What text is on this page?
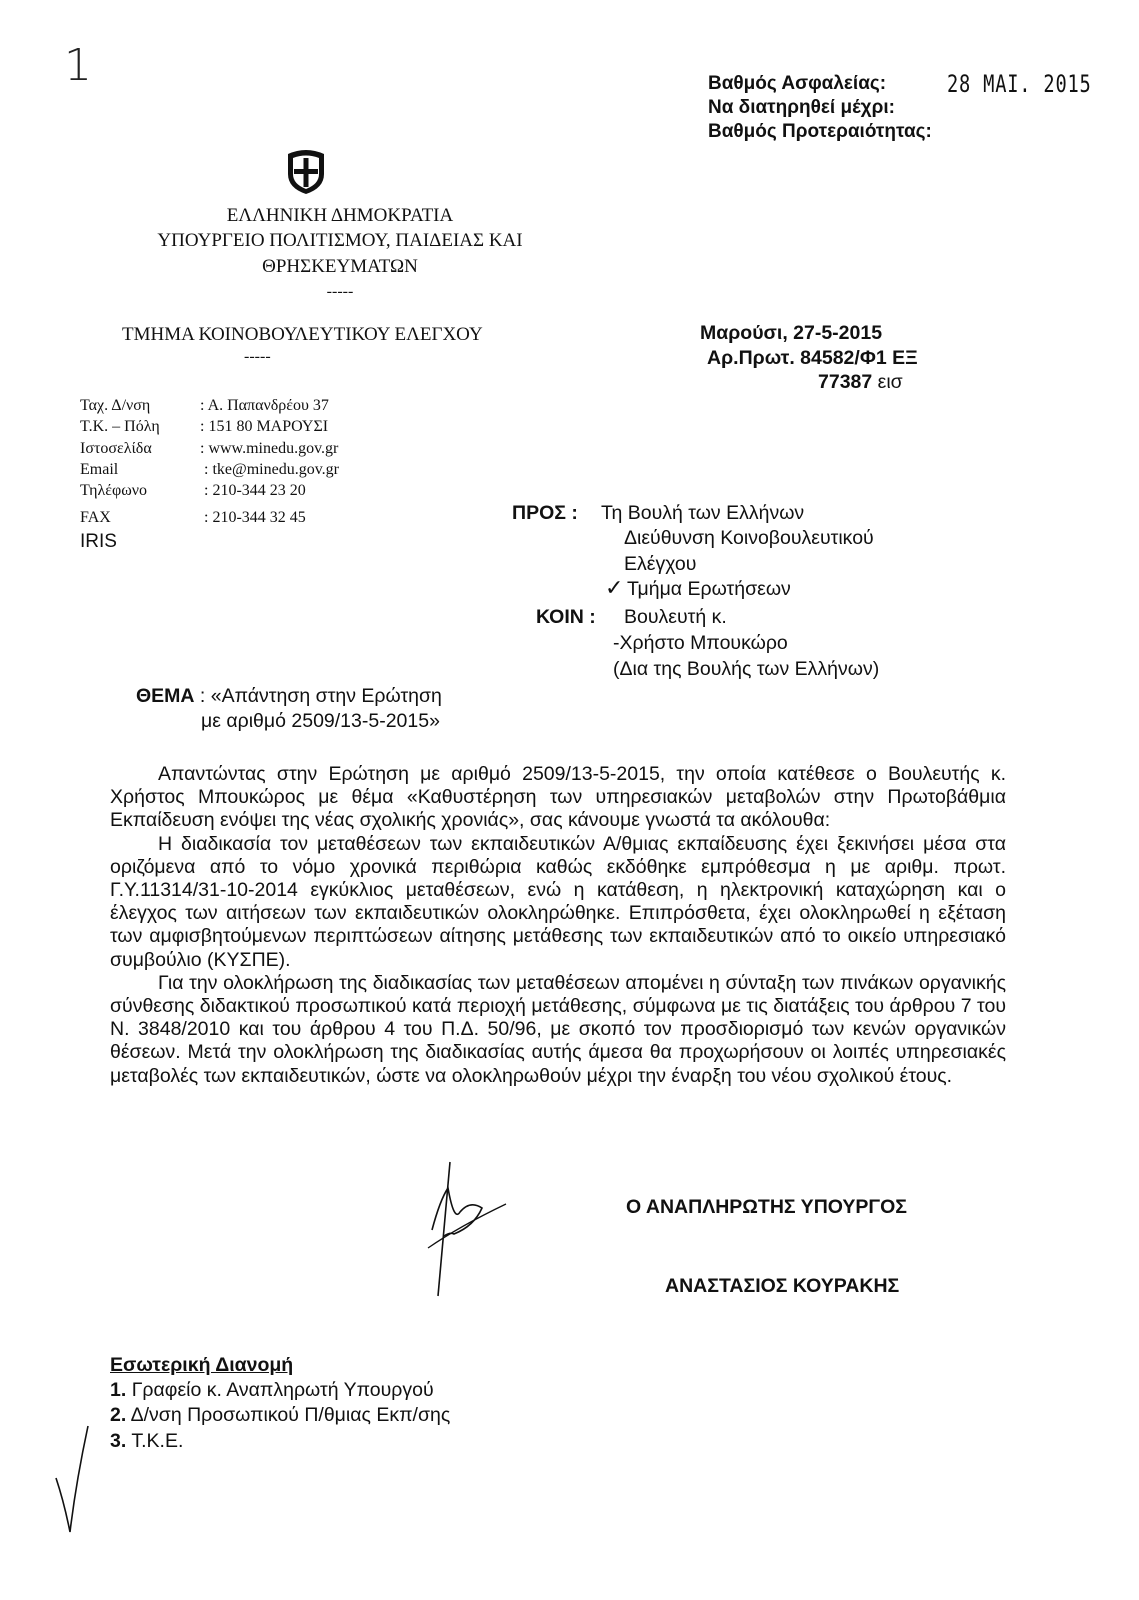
1	Βαθμός Ασφαλείας:
Να διατηρηθεί μέχρι:
Βαθμός Προτεραιότητας:
28 MAI. 2015
ΕΛΛΗΝΙΚΗ ΔΗΜΟΚΡΑΤΙΑ
ΥΠΟΥΡΓΕΙΟ ΠΟΛΙΤΙΣΜΟΥ, ΠΑΙΔΕΙΑΣ ΚΑΙ
ΘΡΗΣΚΕΥΜΑΤΩΝ
-----
ΤΜΗΜΑ ΚΟΙΝΟΒΟΥΛΕΥΤΙΚΟΥ ΕΛΕΓΧΟΥ
-----
Ταχ. Δ/νση	: Α. Παπανδρέου 37
Τ.Κ. – Πόλη	: 151 80 ΜΑΡΟΥΣΙ
Ιστοσελίδα	: www.minedu.gov.gr
Email	: tke@minedu.gov.gr
Τηλέφωνο	: 210-344 23 20
FAX	: 210-344 32 45
IRIS
Μαρούσι, 27-5-2015
Αρ.Πρωτ. 84582/Φ1 ΕΞ
77387 εισ
ΠΡΟΣ : Τη Βουλή των Ελλήνων
Διεύθυνση Κοινοβουλευτικού
Ελέγχου
✓ Τμήμα Ερωτήσεων
ΚΟΙΝ : Βουλευτή κ.
-Χρήστο Μπουκώρο
(Δια της Βουλής των Ελλήνων)
ΘΕΜΑ : «Απάντηση στην Ερώτηση
με αριθμό 2509/13-5-2015»

Απαντώντας στην Ερώτηση με αριθμό 2509/13-5-2015, την οποία κατέθεσε ο Βουλευτής κ. Χρήστος Μπουκώρος με θέμα «Καθυστέρηση των υπηρεσιακών μεταβολών στην Πρωτοβάθμια Εκπαίδευση ενόψει της νέας σχολικής χρονιάς», σας κάνουμε γνωστά τα ακόλουθα:

Η διαδικασία τον μεταθέσεων των εκπαιδευτικών Α/θμιας εκπαίδευσης έχει ξεκινήσει μέσα στα οριζόμενα από το νόμο χρονικά περιθώρια καθώς εκδόθηκε εμπρόθεσμα η με αριθμ. πρωτ. Γ.Υ.11314/31-10-2014 εγκύκλιος μεταθέσεων, ενώ η κατάθεση, η ηλεκτρονική καταχώρηση και ο έλεγχος των αιτήσεων των εκπαιδευτικών ολοκληρώθηκε. Επιπρόσθετα, έχει ολοκληρωθεί η εξέταση των αμφισβητούμενων περιπτώσεων αίτησης μετάθεσης των εκπαιδευτικών από το οικείο υπηρεσιακό συμβούλιο (ΚΥΣΠΕ).

Για την ολοκλήρωση της διαδικασίας των μεταθέσεων απομένει η σύνταξη των πινάκων οργανικής σύνθεσης διδακτικού προσωπικού κατά περιοχή μετάθεσης, σύμφωνα με τις διατάξεις του άρθρου 7 του Ν. 3848/2010 και του άρθρου 4 του Π.Δ. 50/96, με σκοπό τον προσδιορισμό των κενών οργανικών θέσεων. Μετά την ολοκλήρωση της διαδικασίας αυτής άμεσα θα προχωρήσουν οι λοιπές υπηρεσιακές μεταβολές των εκπαιδευτικών, ώστε να ολοκληρωθούν μέχρι την έναρξη του νέου σχολικού έτους.

Ο ΑΝΑΠΛΗΡΩΤΗΣ ΥΠΟΥΡΓΟΣ
ΑΝΑΣΤΑΣΙΟΣ ΚΟΥΡΑΚΗΣ
Εσωτερική Διανομή
1. Γραφείο κ. Αναπληρωτή Υπουργού
2. Δ/νση Προσωπικού Π/θμιας Εκπ/σης
3. Τ.Κ.Ε.
